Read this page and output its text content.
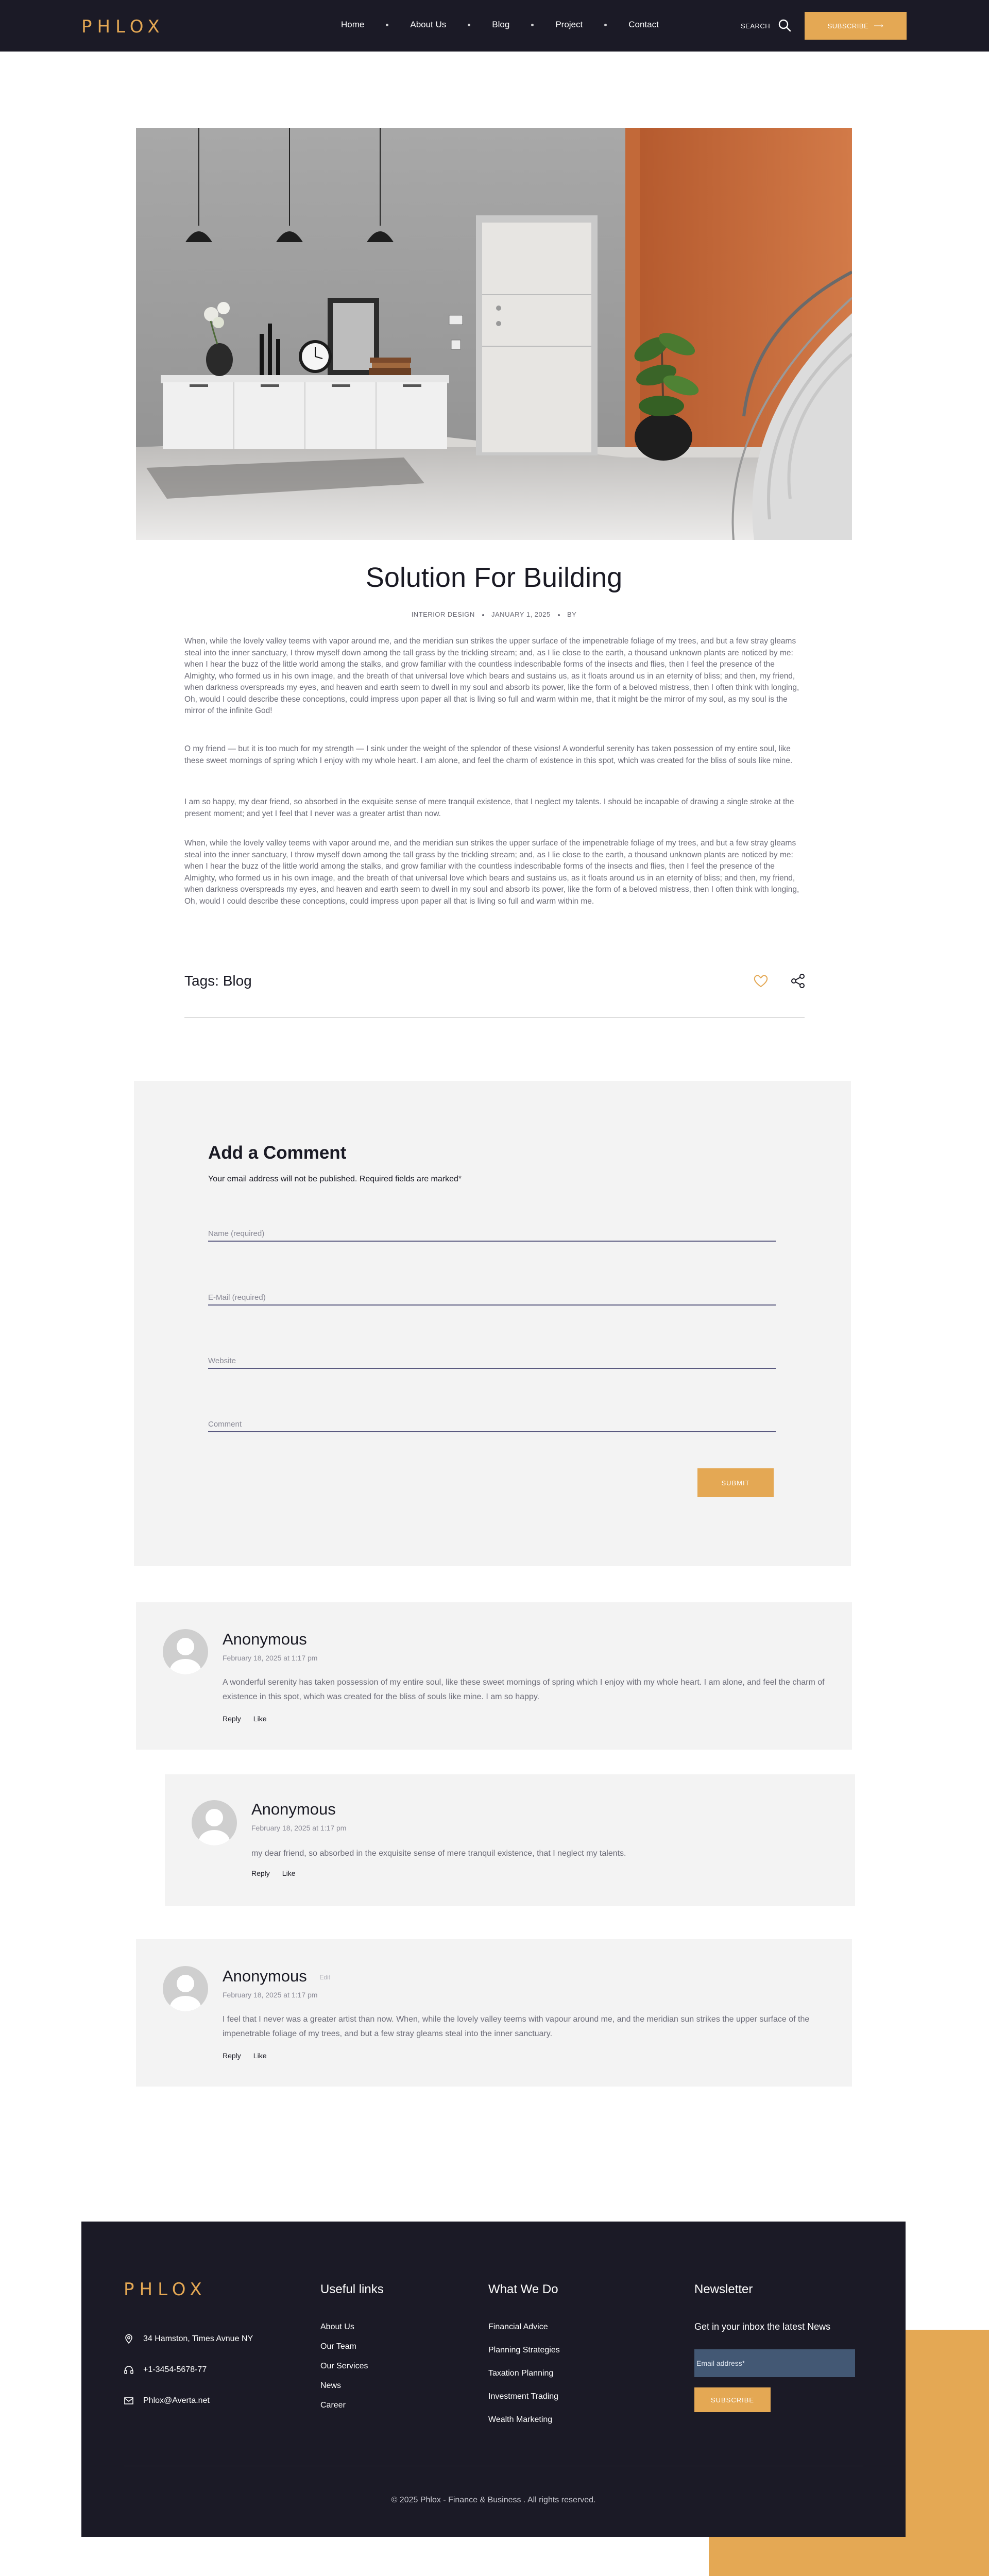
PHLOX	Home	About Us	Blog	Project	Contact	SEARCH	SUBSCRIBE ⟶
Solution For Building
INTERIOR DESIGN JANUARY 1, 2025 BY

When, while the lovely valley teems with vapor around me, and the meridian sun strikes the upper surface of the impenetrable foliage of my trees, and but a few stray gleams steal into the inner sanctuary, I throw myself down among the tall grass by the trickling stream; and, as I lie close to the earth, a thousand unknown plants are noticed by me: when I hear the buzz of the little world among the stalks, and grow familiar with the countless indescribable forms of the insects and flies, then I feel the presence of the Almighty, who formed us in his own image, and the breath of that universal love which bears and sustains us, as it floats around us in an eternity of bliss; and then, my friend, when darkness overspreads my eyes, and heaven and earth seem to dwell in my soul and absorb its power, like the form of a beloved mistress, then I often think with longing, Oh, would I could describe these conceptions, could impress upon paper all that is living so full and warm within me, that it might be the mirror of my soul, as my soul is the mirror of the infinite God!

O my friend — but it is too much for my strength — I sink under the weight of the splendor of these visions! A wonderful serenity has taken possession of my entire soul, like these sweet mornings of spring which I enjoy with my whole heart. I am alone, and feel the charm of existence in this spot, which was created for the bliss of souls like mine.

I am so happy, my dear friend, so absorbed in the exquisite sense of mere tranquil existence, that I neglect my talents. I should be incapable of drawing a single stroke at the present moment; and yet I feel that I never was a greater artist than now.

When, while the lovely valley teems with vapor around me, and the meridian sun strikes the upper surface of the impenetrable foliage of my trees, and but a few stray gleams steal into the inner sanctuary, I throw myself down among the tall grass by the trickling stream; and, as I lie close to the earth, a thousand unknown plants are noticed by me: when I hear the buzz of the little world among the stalks, and grow familiar with the countless indescribable forms of the insects and flies, then I feel the presence of the Almighty, who formed us in his own image, and the breath of that universal love which bears and sustains us, as it floats around us in an eternity of bliss; and then, my friend, when darkness overspreads my eyes, and heaven and earth seem to dwell in my soul and absorb its power, like the form of a beloved mistress, then I often think with longing, Oh, would I could describe these conceptions, could impress upon paper all that is living so full and warm within me.

Tags: Blog
Add a Comment

Your email address will not be published. Required fields are marked*

Name (required)
E-Mail (required)
Website
Comment
SUBMIT
Anonymous
February 18, 2025 at 1:17 pm

A wonderful serenity has taken possession of my entire soul, like these sweet mornings of spring which I enjoy with my whole heart. I am alone, and feel the charm of existence in this spot, which was created for the bliss of souls like mine. I am so happy.

Reply Like
Anonymous
February 18, 2025 at 1:17 pm

my dear friend, so absorbed in the exquisite sense of mere tranquil existence, that I neglect my talents.

Reply Like
Anonymous Edit
February 18, 2025 at 1:17 pm

I feel that I never was a greater artist than now. When, while the lovely valley teems with vapour around me, and the meridian sun strikes the upper surface of the impenetrable foliage of my trees, and but a few stray gleams steal into the inner sanctuary.

Reply Like
PHLOX
34 Hamston, Times Avnue NY
+1-3454-5678-77
Phlox@Averta.net
Useful links
About Us
Our Team
Our Services
News
Career
What We Do
Financial Advice
Planning Strategies
Taxation Planning
Investment Trading
Wealth Marketing
Newsletter
Get in your inbox the latest News
Email address*
SUBSCRIBE
© 2025 Phlox - Finance & Business . All rights reserved.
